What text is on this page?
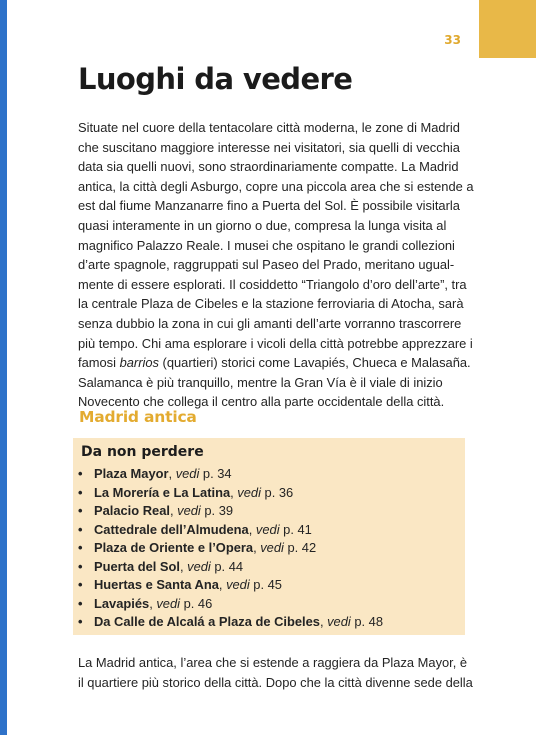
33
Luoghi da vedere

Situate nel cuore della tentacolare città moderna, le zone di Madrid che suscitano maggiore interesse nei visitatori, sia quelli di vecchia data sia quelli nuovi, sono straordinariamente compatte. La Madrid antica, la città degli Asburgo, copre una piccola area che si estende a est dal fiume Manzanarre fino a Puerta del Sol. È possibile visitarla quasi interamente in un giorno o due, compresa la lunga visita al magnifico Palazzo Reale. I musei che ospitano le grandi collezioni d’arte spagnole, raggruppati sul Paseo del Prado, meritano ugual-mente di essere esplorati. Il cosiddetto “Triangolo d’oro dell’arte”, tra la centrale Plaza de Cibeles e la stazione ferroviaria di Atocha, sarà senza dubbio la zona in cui gli amanti dell’arte vorranno trascorrere più tempo. Chi ama esplorare i vicoli della città potrebbe apprezzare i famosi barrios (quartieri) storici come Lavapiés, Chueca e Malasaña. Salamanca è più tranquillo, mentre la Gran Vía è il viale di inizio Novecento che collega il centro alla parte occidentale della città.

Madrid antica
Da non perdere
• Plaza Mayor, vedi p. 34
• La Morería e La Latina, vedi p. 36
• Palacio Real, vedi p. 39
• Cattedrale dell’Almudena, vedi p. 41
• Plaza de Oriente e l’Opera, vedi p. 42
• Puerta del Sol, vedi p. 44
• Huertas e Santa Ana, vedi p. 45
• Lavapiés, vedi p. 46
• Da Calle de Alcalá a Plaza de Cibeles, vedi p. 48

La Madrid antica, l’area che si estende a raggiera da Plaza Mayor, è il quartiere più storico della città. Dopo che la città divenne sede della
